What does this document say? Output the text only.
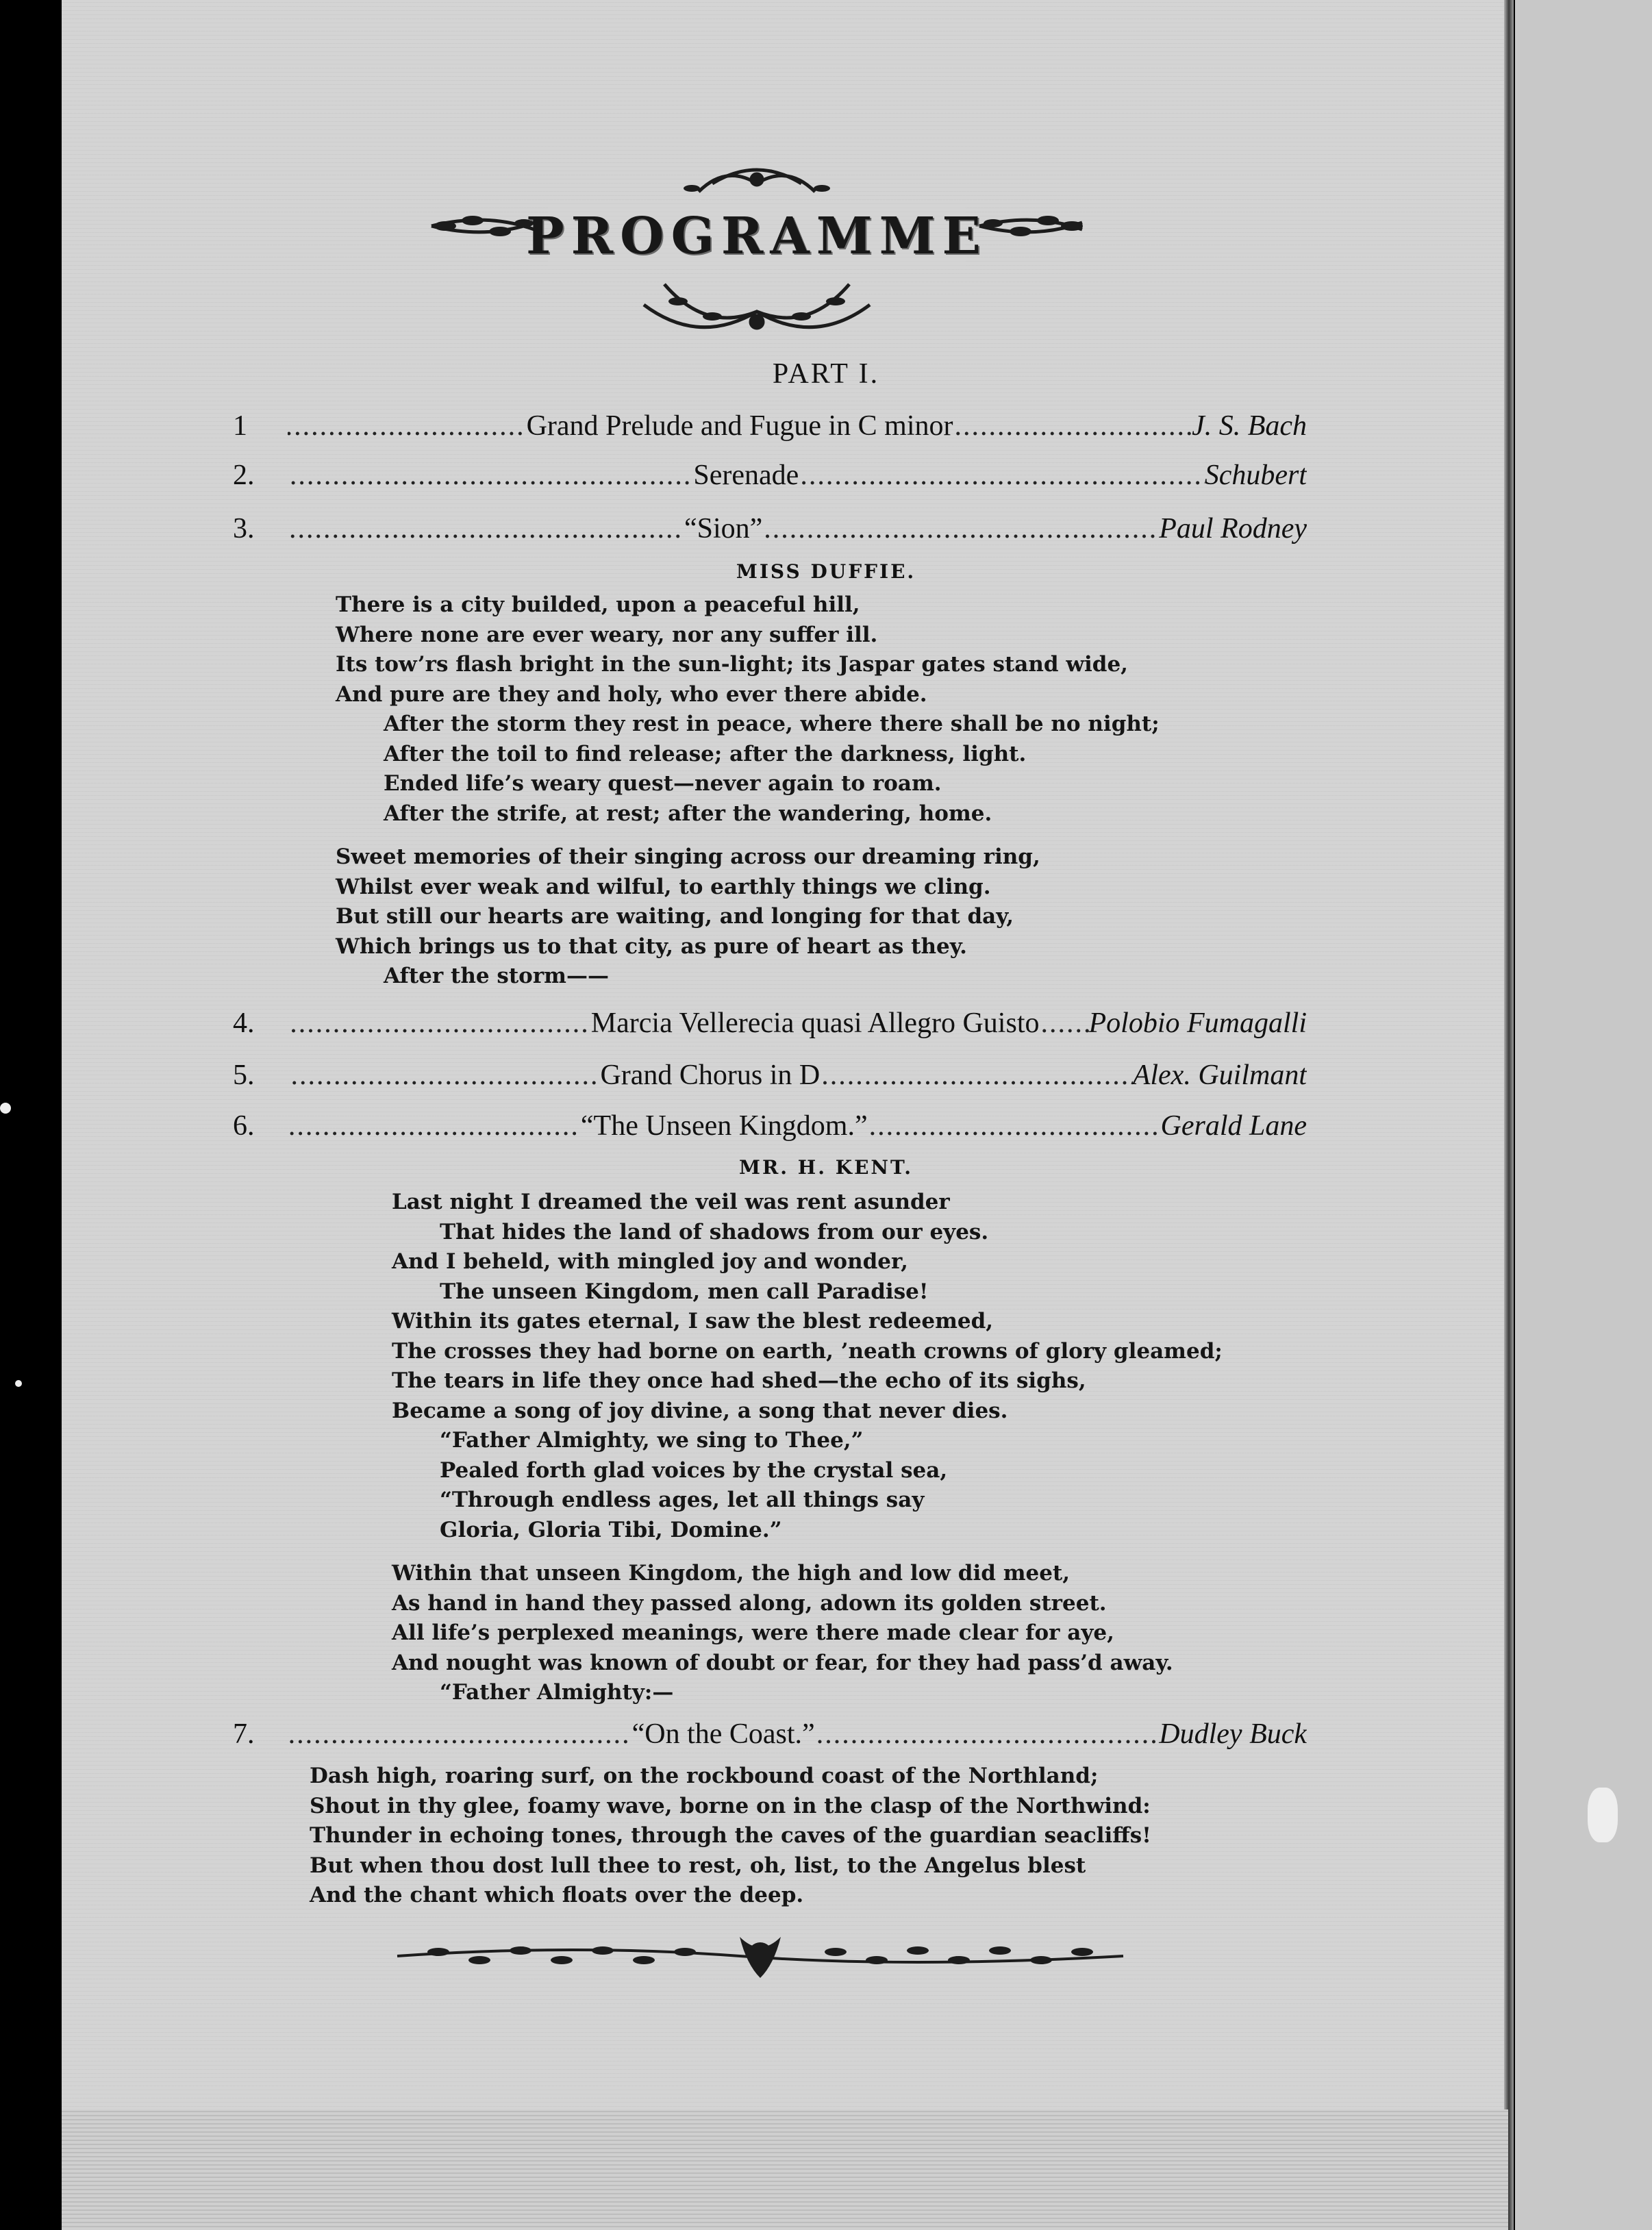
PROGRAMME
PART I.
1 .....	Grand Prelude and Fugue in C minor .....	J. S. Bach
2. .....	Serenade .....	Schubert
3. .....	“Sion” .....	Paul Rodney
MISS DUFFIE.
There is a city builded, upon a peaceful hill,
Where none are ever weary, nor any suffer ill.
Its tow’rs flash bright in the sun-light; its Jaspar gates stand wide,
And pure are they and holy, who ever there abide.
After the storm they rest in peace, where there shall be no night;
After the toil to find release; after the darkness, light.
Ended life’s weary quest—never again to roam.
After the strife, at rest; after the wandering, home.
Sweet memories of their singing across our dreaming ring,
Whilst ever weak and wilful, to earthly things we cling.
But still our hearts are waiting, and longing for that day,
Which brings us to that city, as pure of heart as they.
After the storm——
4. .....	Marcia Vellerecia quasi Allegro Guisto ..... Polobio Fumagalli
5. .....	Grand Chorus in D .....	Alex. Guilmant
6. .....	“The Unseen Kingdom.” .....	Gerald Lane
MR. H. KENT.
Last night I dreamed the veil was rent asunder
That hides the land of shadows from our eyes.
And I beheld, with mingled joy and wonder,
The unseen Kingdom, men call Paradise!
Within its gates eternal, I saw the blest redeemed,
The crosses they had borne on earth, ’neath crowns of glory gleamed;
The tears in life they once had shed—the echo of its sighs,
Became a song of joy divine, a song that never dies.
“Father Almighty, we sing to Thee,”
Pealed forth glad voices by the crystal sea,
“Through endless ages, let all things say
Gloria, Gloria Tibi, Domine.”
Within that unseen Kingdom, the high and low did meet,
As hand in hand they passed along, adown its golden street.
All life’s perplexed meanings, were there made clear for aye,
And nought was known of doubt or fear, for they had pass’d away.
“Father Almighty:—
7. .....	“On the Coast.” .....	Dudley Buck
Dash high, roaring surf, on the rockbound coast of the Northland;
Shout in thy glee, foamy wave, borne on in the clasp of the Northwind:
Thunder in echoing tones, through the caves of the guardian seacliffs!
But when thou dost lull thee to rest, oh, list, to the Angelus blest
And the chant which floats over the deep.
